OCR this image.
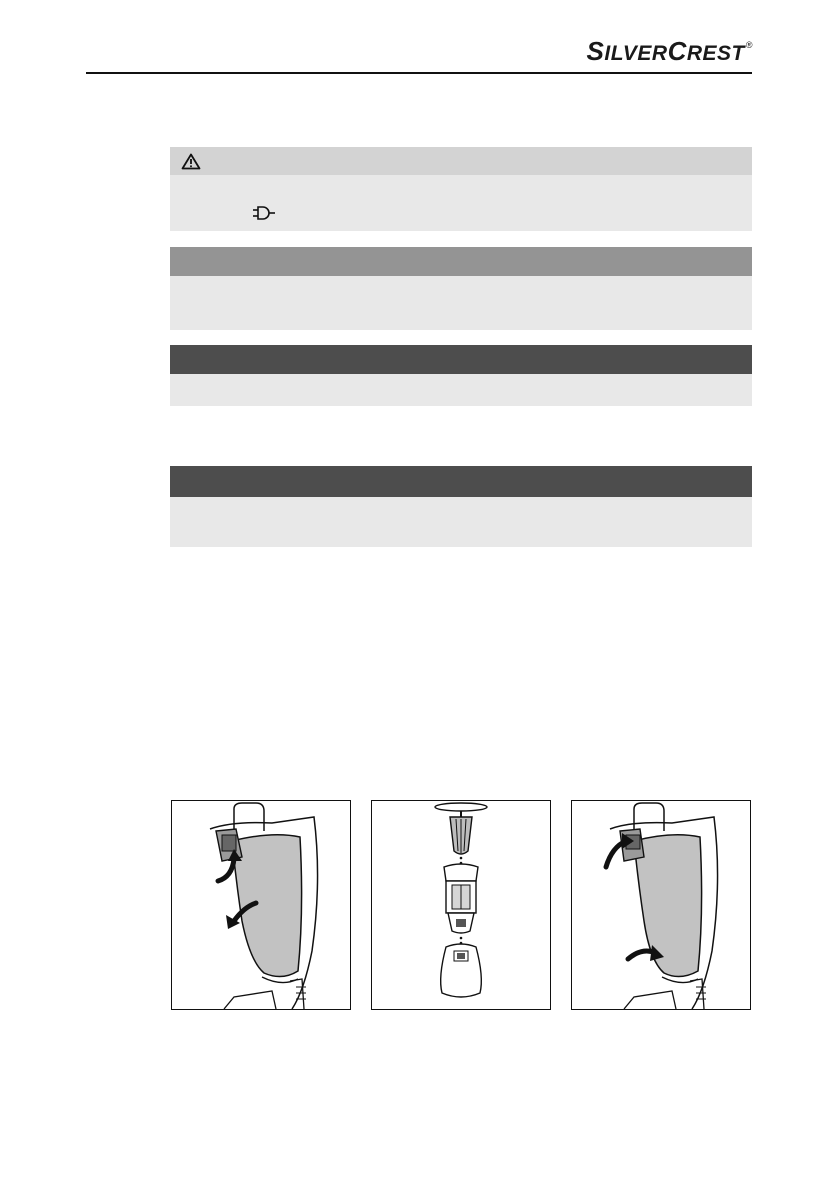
S ILVER C REST ®
